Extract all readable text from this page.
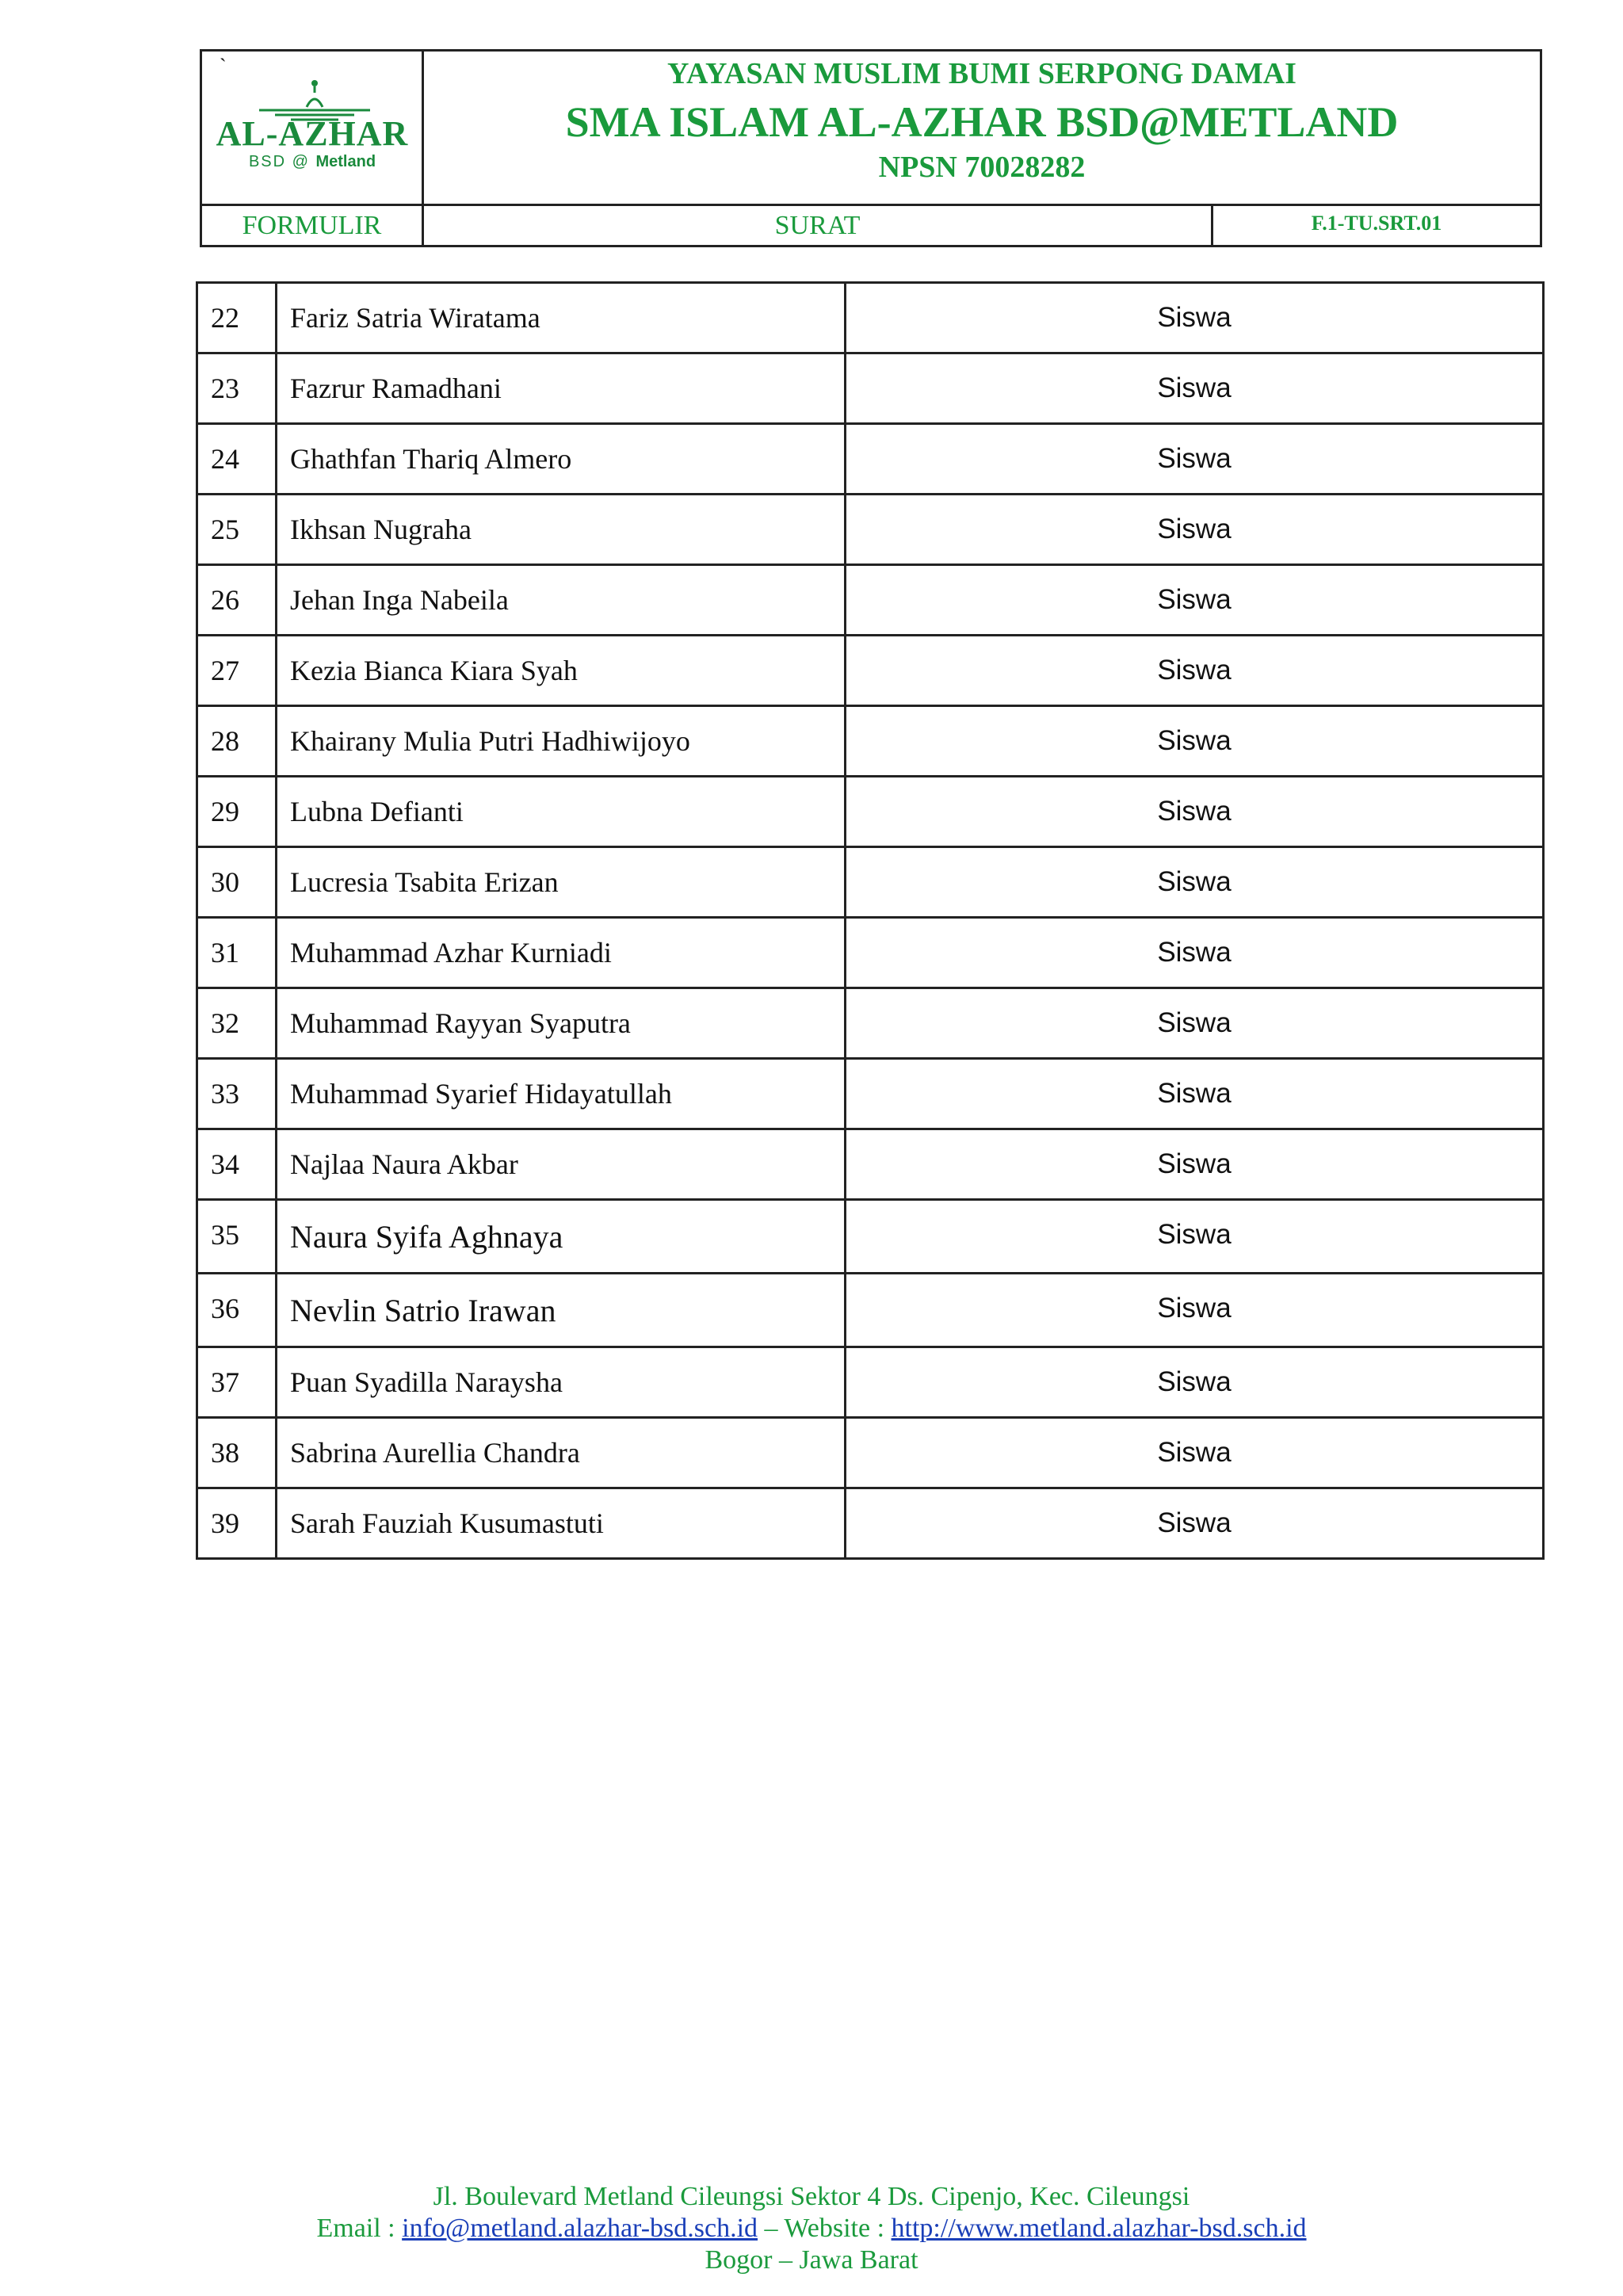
`
AL-AZHAR
BSD @ Metland
YAYASAN MUSLIM BUMI SERPONG DAMAI
SMA ISLAM AL-AZHAR BSD@METLAND
NPSN 70028282
FORMULIR	SURAT	F.1-TU.SRT.01
22	Fariz Satria Wiratama	Siswa
23	Fazrur Ramadhani	Siswa
24	Ghathfan Thariq Almero	Siswa
25	Ikhsan Nugraha	Siswa
26	Jehan Inga Nabeila	Siswa
27	Kezia Bianca Kiara Syah	Siswa
28	Khairany Mulia Putri Hadhiwijoyo	Siswa
29	Lubna Defianti	Siswa
30	Lucresia Tsabita Erizan	Siswa
31	Muhammad Azhar Kurniadi	Siswa
32	Muhammad Rayyan Syaputra	Siswa
33	Muhammad Syarief Hidayatullah	Siswa
34	Najlaa Naura Akbar	Siswa
35	Naura Syifa Aghnaya	Siswa
36	Nevlin Satrio Irawan	Siswa
37	Puan Syadilla Naraysha	Siswa
38	Sabrina Aurellia Chandra	Siswa
39	Sarah Fauziah Kusumastuti	Siswa
Jl. Boulevard Metland Cileungsi Sektor 4 Ds. Cipenjo, Kec. Cileungsi
Email : info@metland.alazhar-bsd.sch.id – Website : http://www.metland.alazhar-bsd.sch.id
Bogor – Jawa Barat
